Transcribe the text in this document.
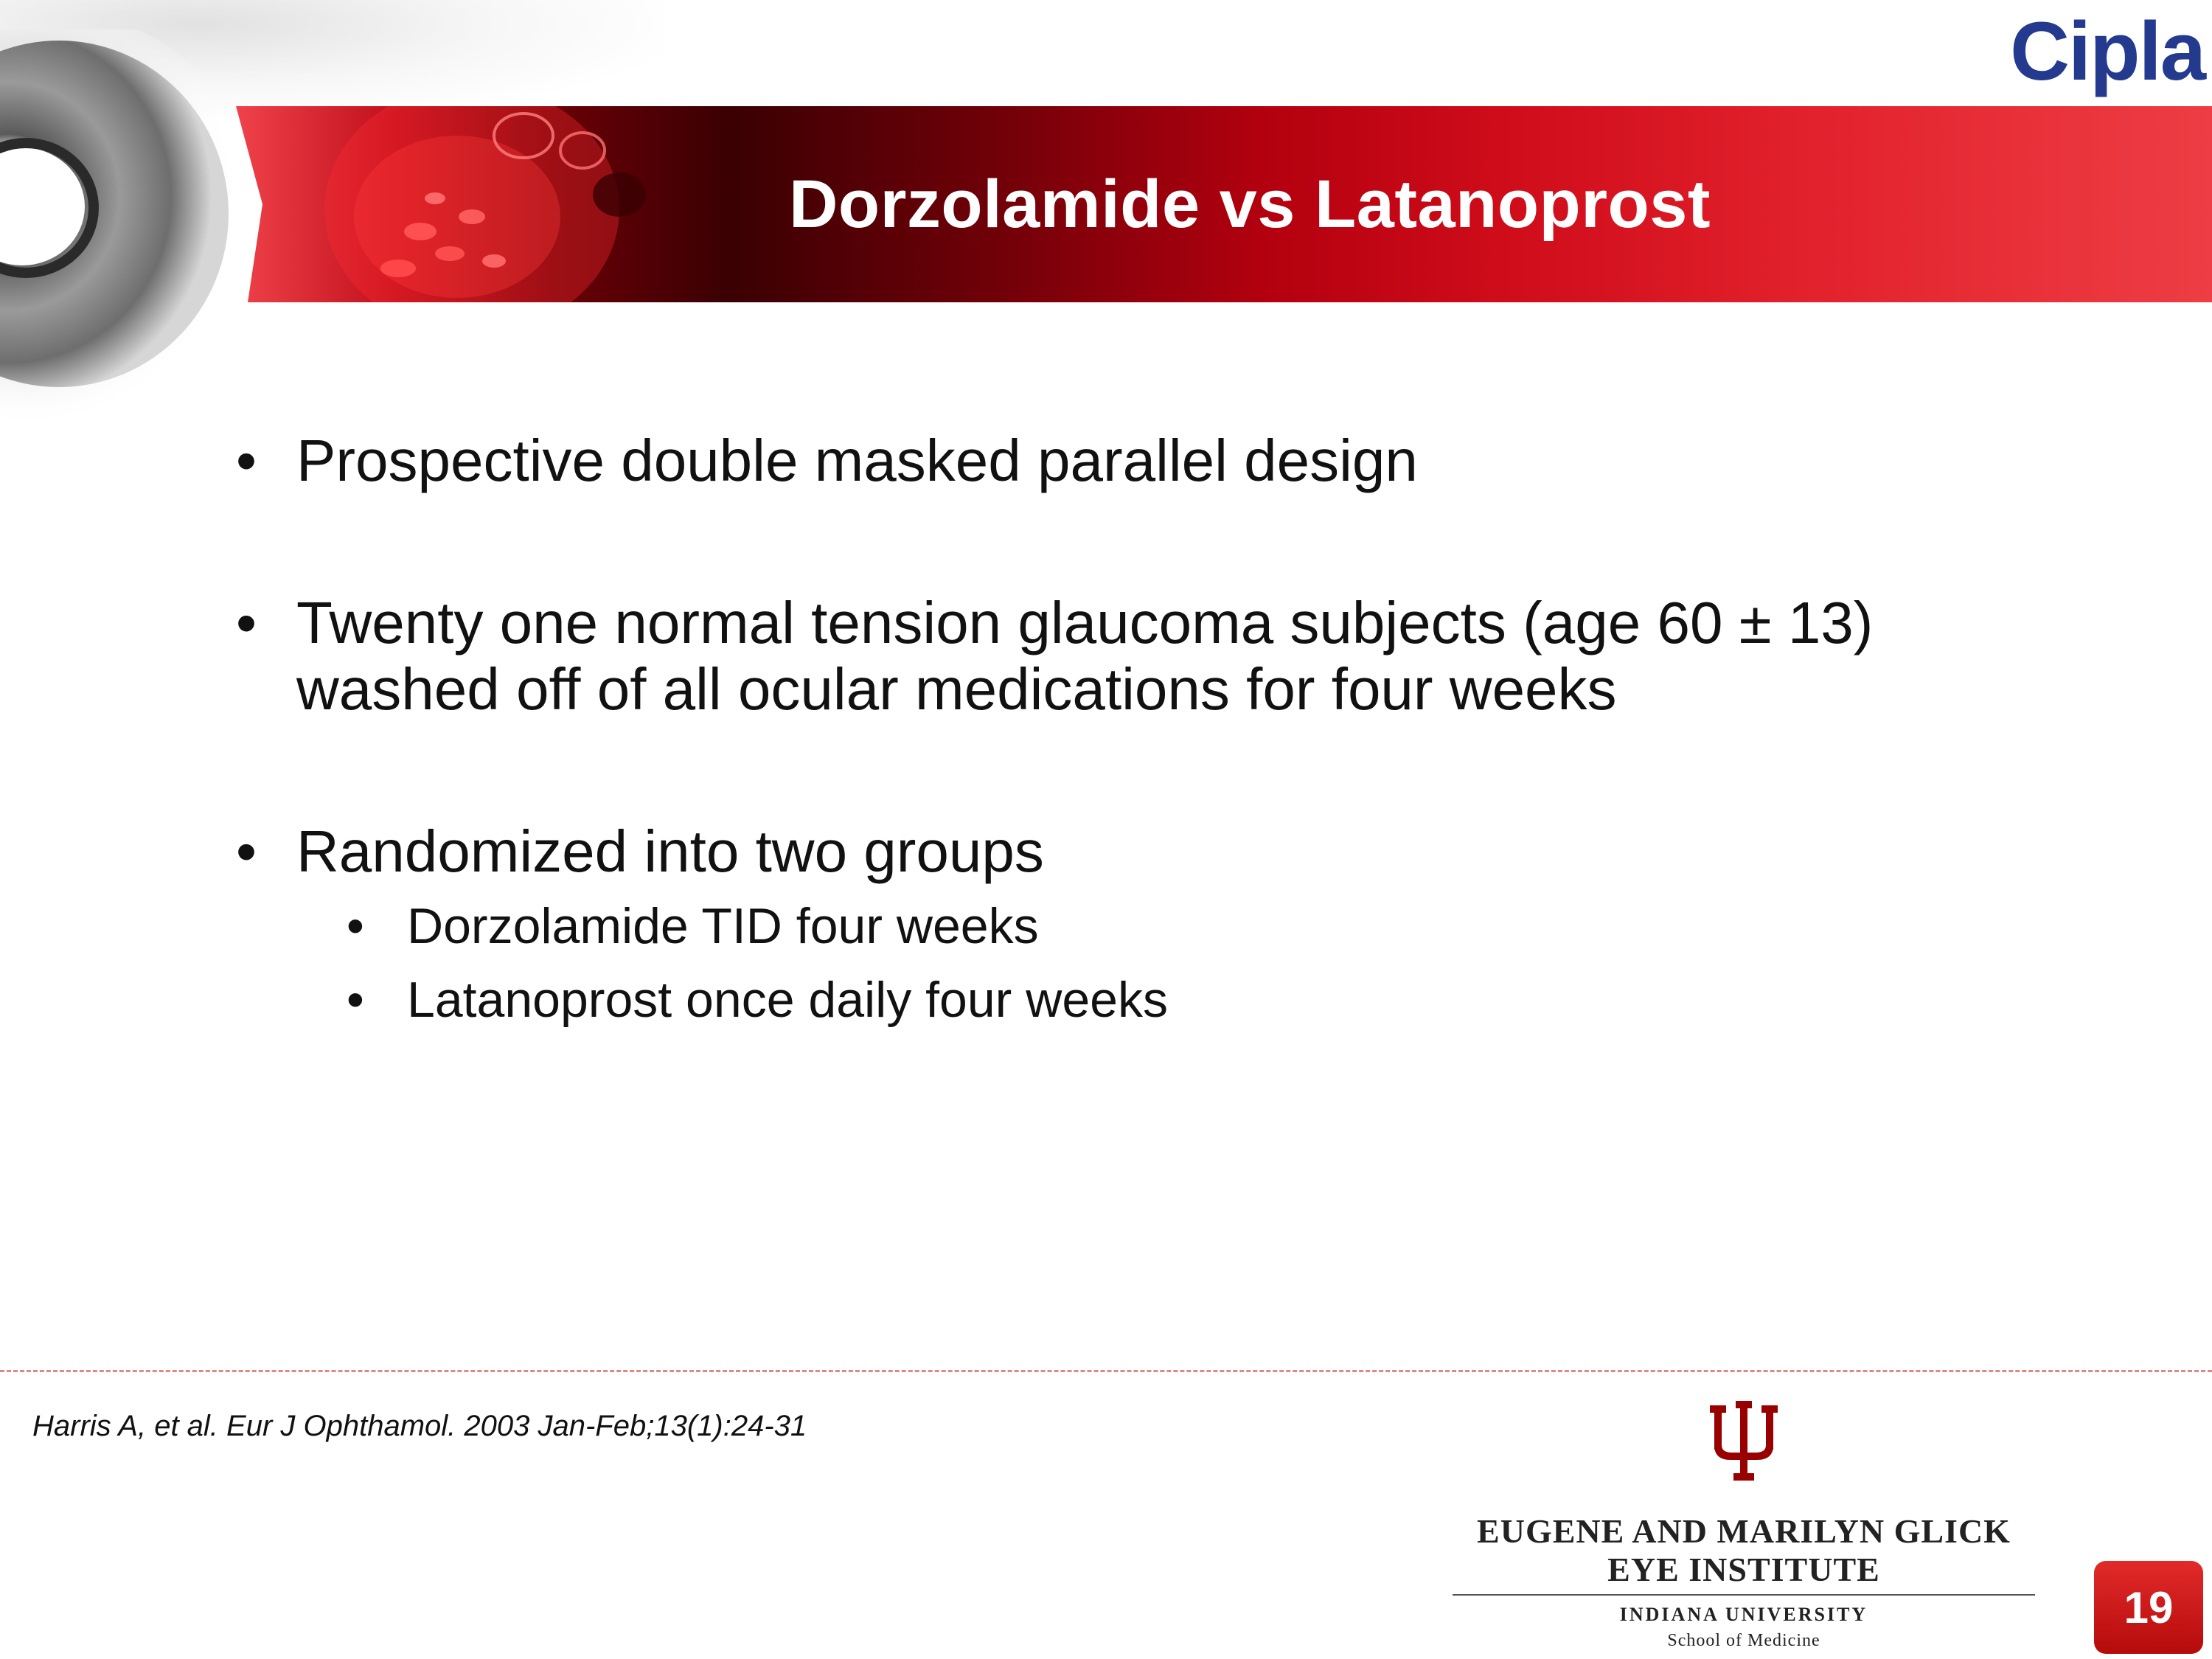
Dorzolamide vs Latanoprost
Cipla
• Prospective double masked parallel design
• Twenty one normal tension glaucoma subjects (age 60 ± 13) washed off of all ocular medications for four weeks
• Randomized into two groups
• Dorzolamide TID four weeks
• Latanoprost once daily four weeks
Harris A, et al. Eur J Ophthamol. 2003 Jan-Feb;13(1):24-31
EUGENE AND MARILYN GLICK
EYE INSTITUTE
INDIANA UNIVERSITY
School of Medicine
19
